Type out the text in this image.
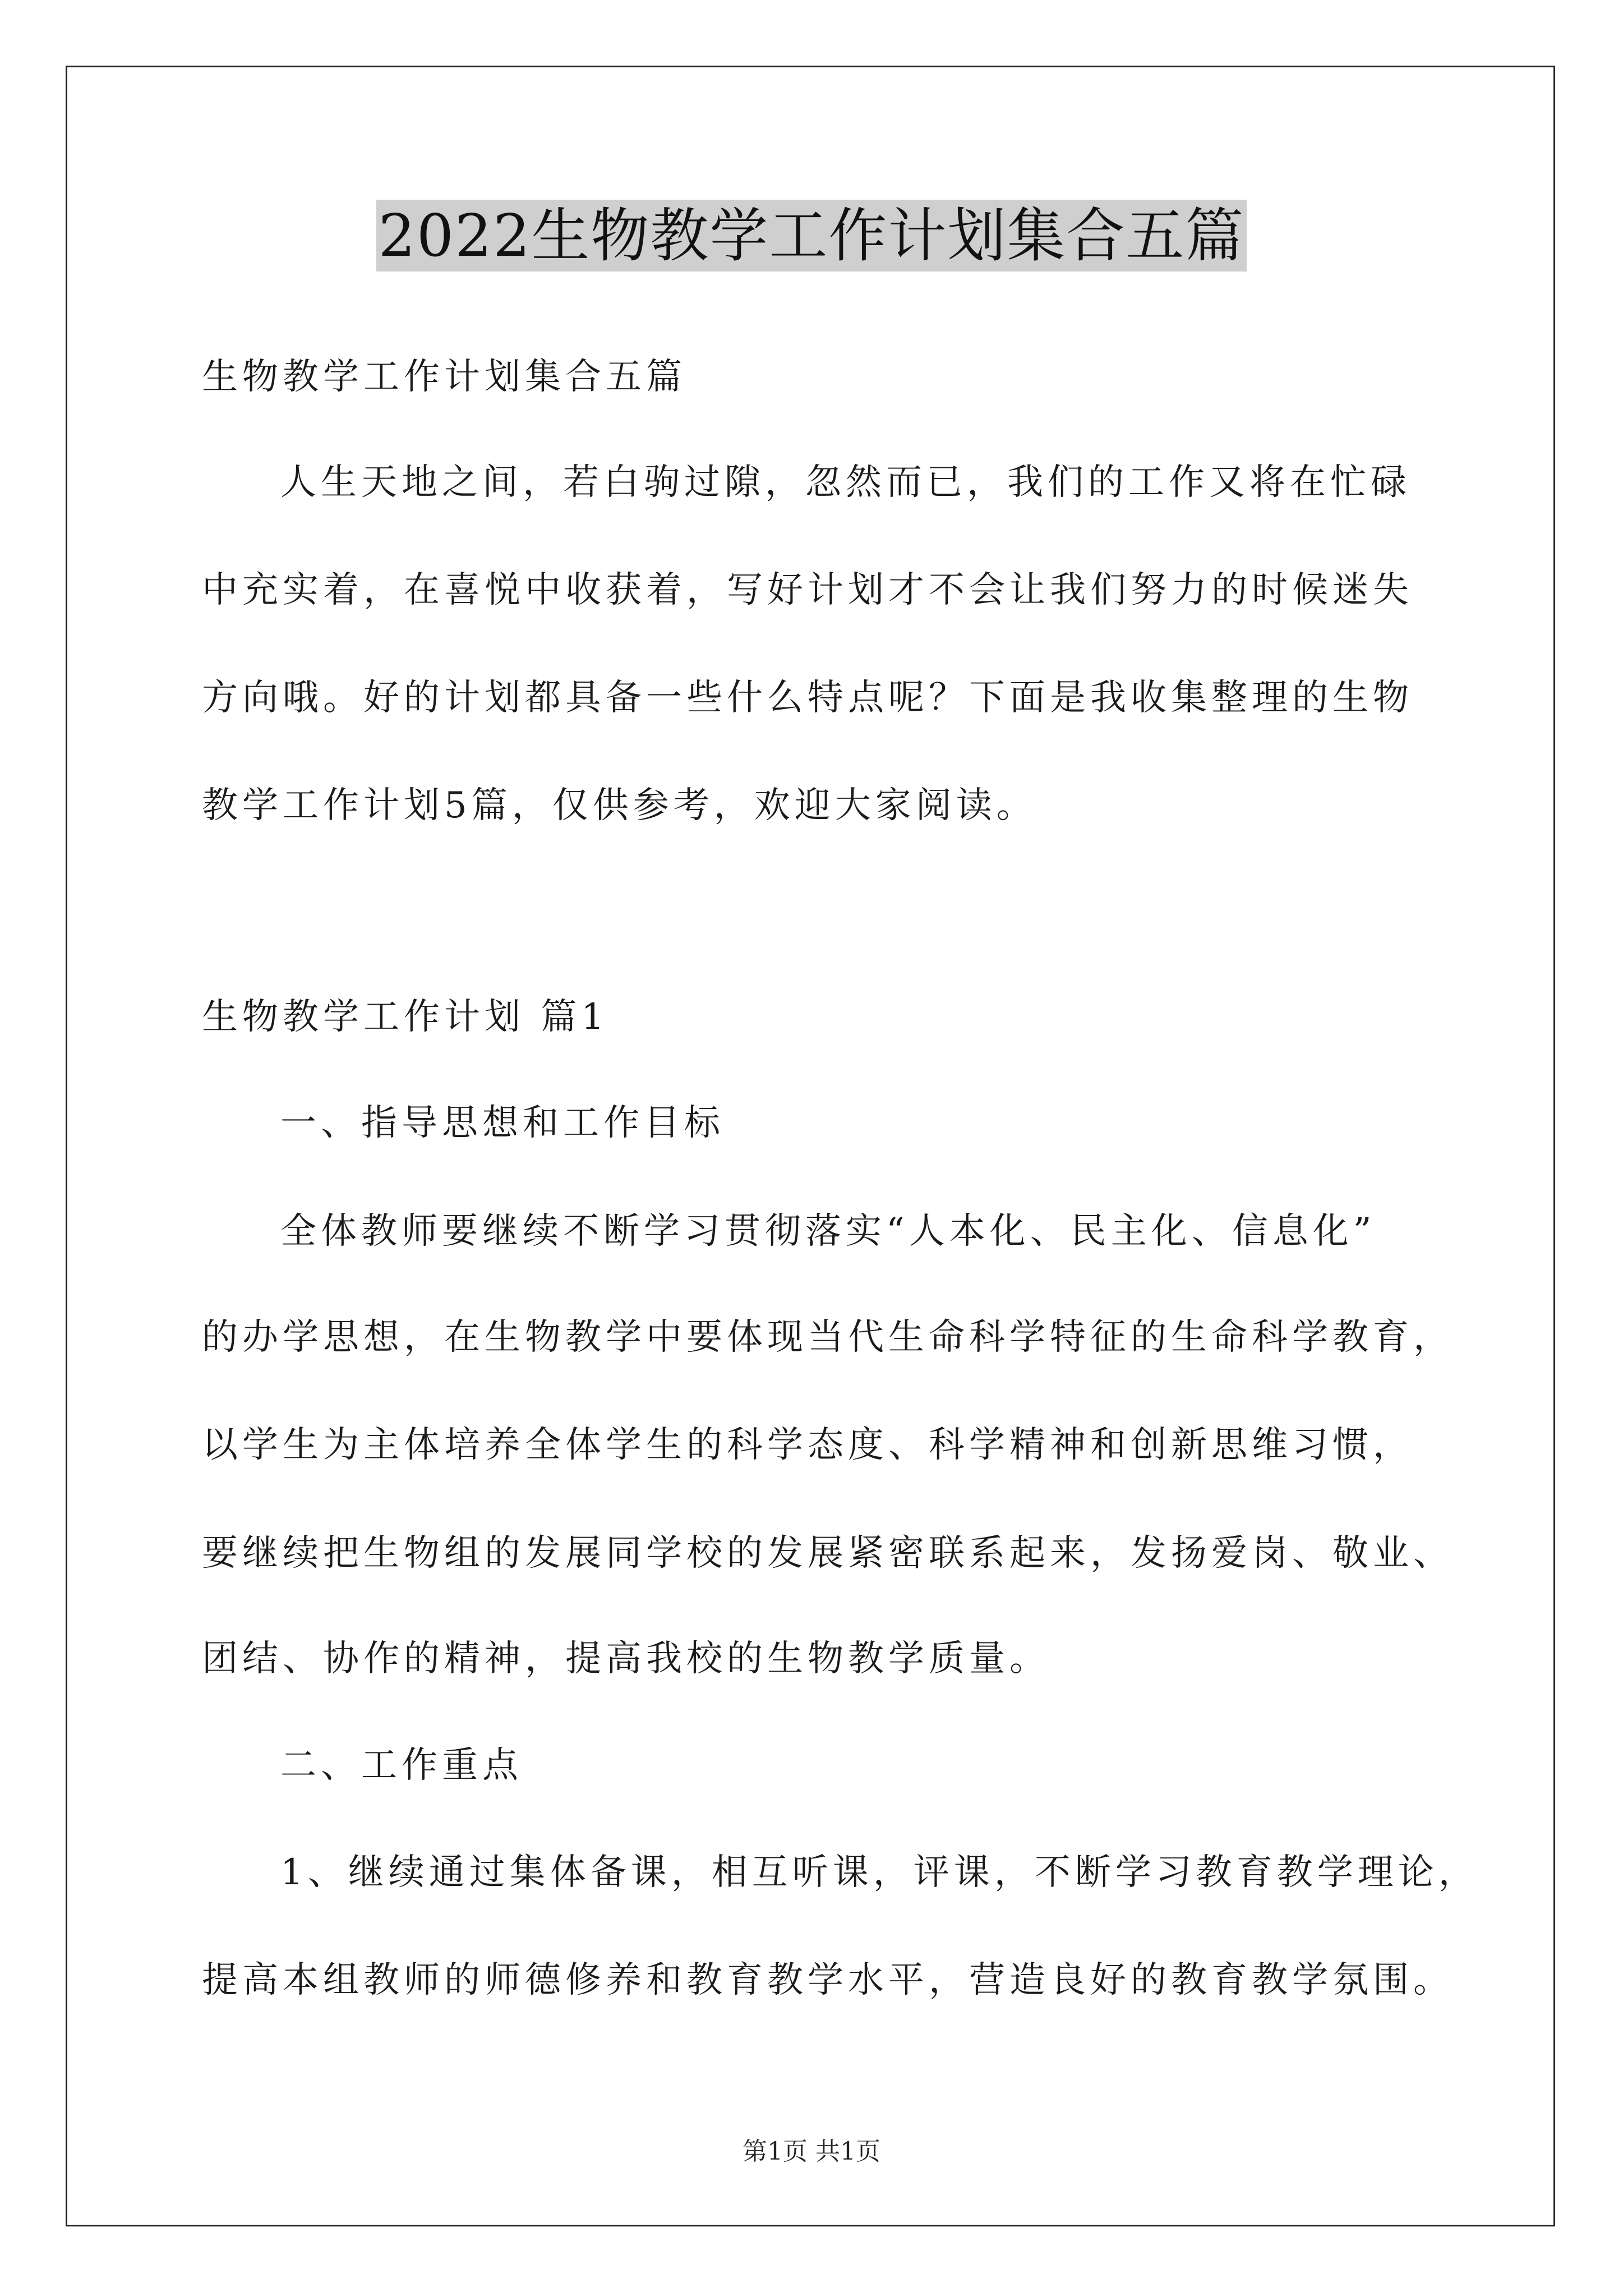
2022生物教学工作计划集合五篇
生物教学工作计划集合五篇
人生天地之间，若白驹过隙，忽然而已，我们的工作又将在忙碌
中充实着，在喜悦中收获着，写好计划才不会让我们努力的时候迷失
方向哦。好的计划都具备一些什么特点呢？下面是我收集整理的生物
教学工作计划5篇，仅供参考，欢迎大家阅读。
生物教学工作计划 篇1
一、指导思想和工作目标
全体教师要继续不断学习贯彻落实“人本化、民主化、信息化”
的办学思想，在生物教学中要体现当代生命科学特征的生命科学教育，
以学生为主体培养全体学生的科学态度、科学精神和创新思维习惯，
要继续把生物组的发展同学校的发展紧密联系起来，发扬爱岗、敬业、
团结、协作的精神，提高我校的生物教学质量。
二、工作重点
1、继续通过集体备课，相互听课，评课，不断学习教育教学理论，
提高本组教师的师德修养和教育教学水平，营造良好的教育教学氛围。
第1页 共1页
